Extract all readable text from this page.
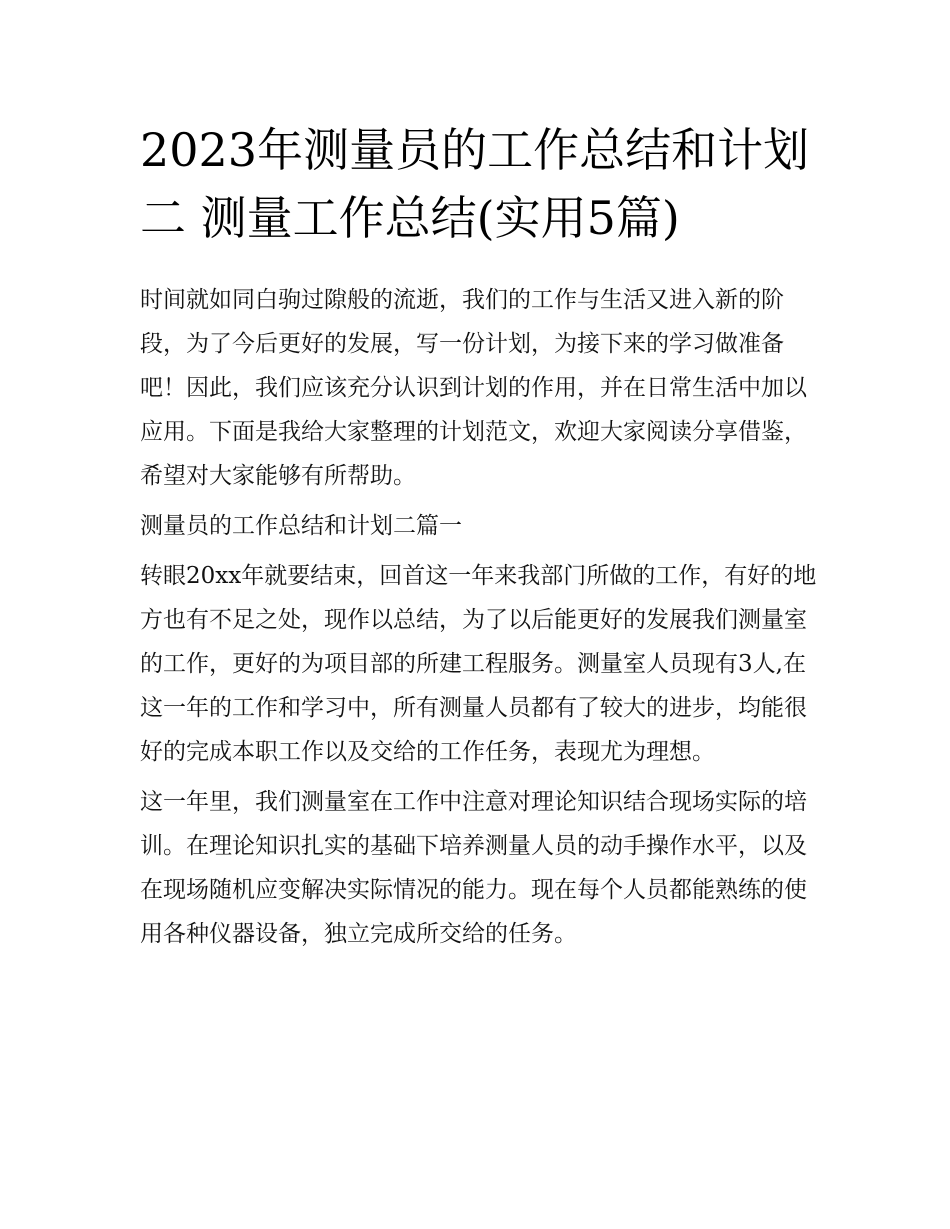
2023年测量员的工作总结和计划二 测量工作总结(实用5篇)

时间就如同白驹过隙般的流逝，我们的工作与生活又进入新的阶段，为了今后更好的发展，写一份计划，为接下来的学习做准备吧！因此，我们应该充分认识到计划的作用，并在日常生活中加以应用。下面是我给大家整理的计划范文，欢迎大家阅读分享借鉴，希望对大家能够有所帮助。

测量员的工作总结和计划二篇一

转眼20xx年就要结束，回首这一年来我部门所做的工作，有好的地方也有不足之处，现作以总结，为了以后能更好的发展我们测量室的工作，更好的为项目部的所建工程服务。测量室人员现有3人,在这一年的工作和学习中，所有测量人员都有了较大的进步，均能很好的完成本职工作以及交给的工作任务，表现尤为理想。

这一年里，我们测量室在工作中注意对理论知识结合现场实际的培训。在理论知识扎实的基础下培养测量人员的动手操作水平，以及在现场随机应变解决实际情况的能力。现在每个人员都能熟练的使用各种仪器设备，独立完成所交给的任务。
